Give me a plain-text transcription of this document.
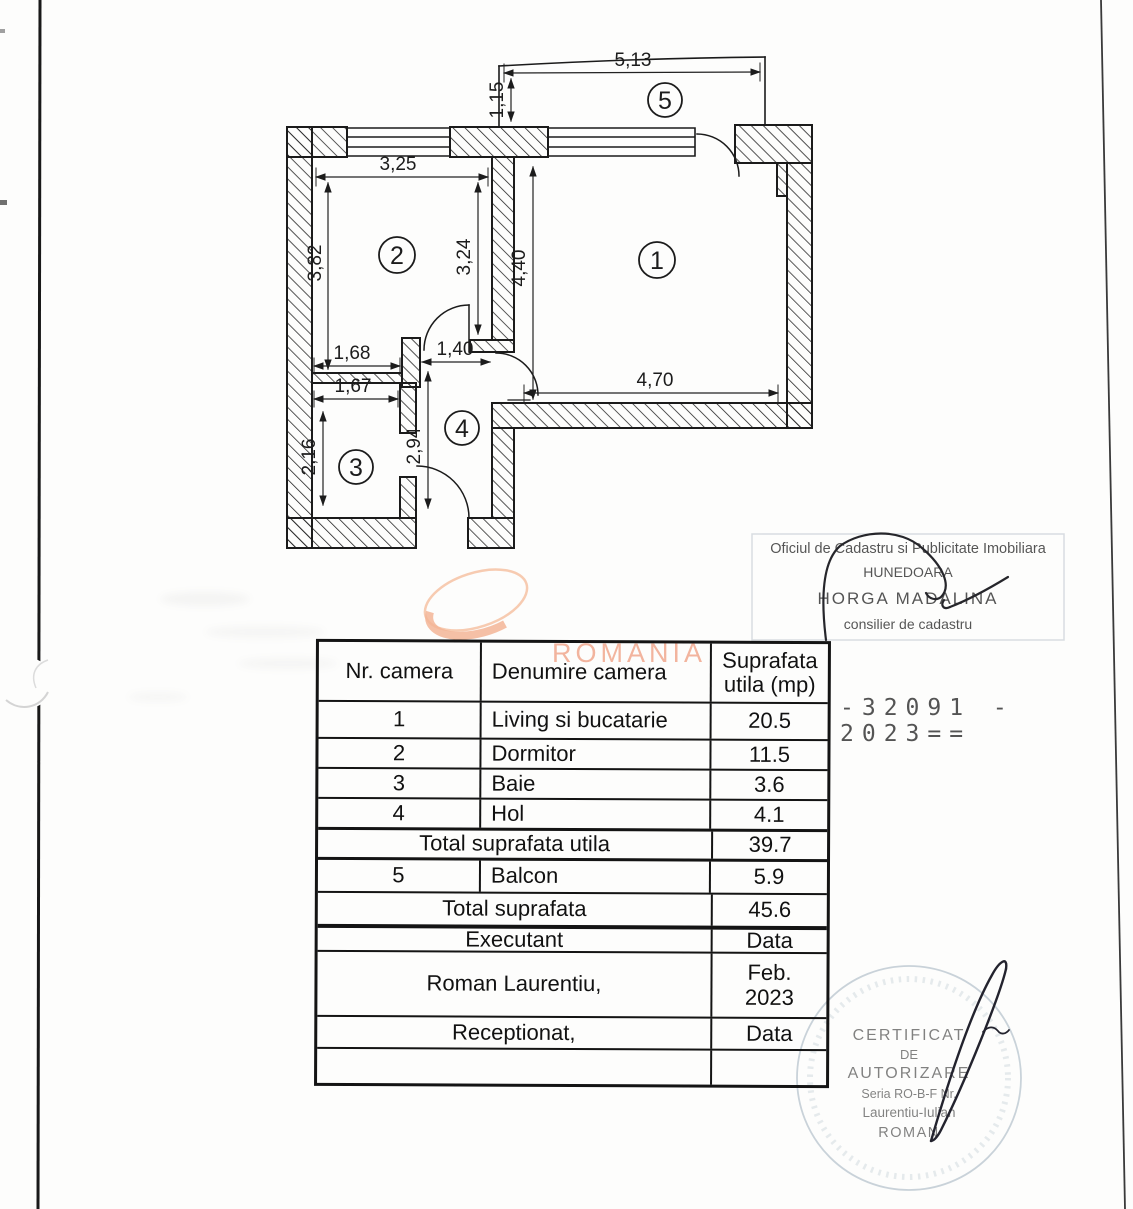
5,13
1,15
3,25
3,82	3,24 4,40
4,70
1,68	1,40
1,67
2,16	2,94
1
2
3
4
5
Oficiul de Cadastru si Publicitate Imobiliara
HUNEDOARA
HORGA MADALINA
consilier de cadastru
CERTIFICAT
DE
AUTORIZARE
Seria RO-B-F Nr.
Laurentiu-Iulian
ROMAN
Nr. camera	Denumire camera	Suprafata utila (mp)
1	Living si bucatarie	20.5
2	Dormitor	11.5
3	Baie	3.6
4	Hol	4.1
Total suprafata utila	39.7
5	Balcon	5.9
Total suprafata	45.6
Executant	Data
Roman Laurentiu,	Feb.
2023
Receptionat,	Data
ROMANIA
-32091 - 2023==
